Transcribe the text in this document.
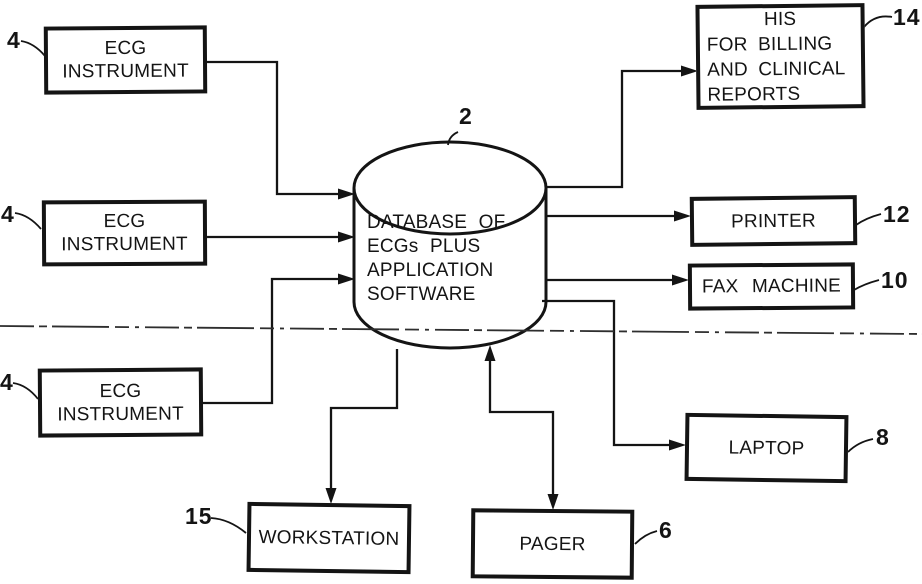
ECG
INSTRUMENT
ECG
INSTRUMENT
ECG
INSTRUMENT
DATABASE OF ECGs PLUS APPLICATION SOFTWARE
HIS
FOR BILLING
AND CLINICAL
REPORTS
PRINTER
FAX MACHINE
LAPTOP
WORKSTATION	PAGER
2
4
4
4
14
12
10
8
15
6
